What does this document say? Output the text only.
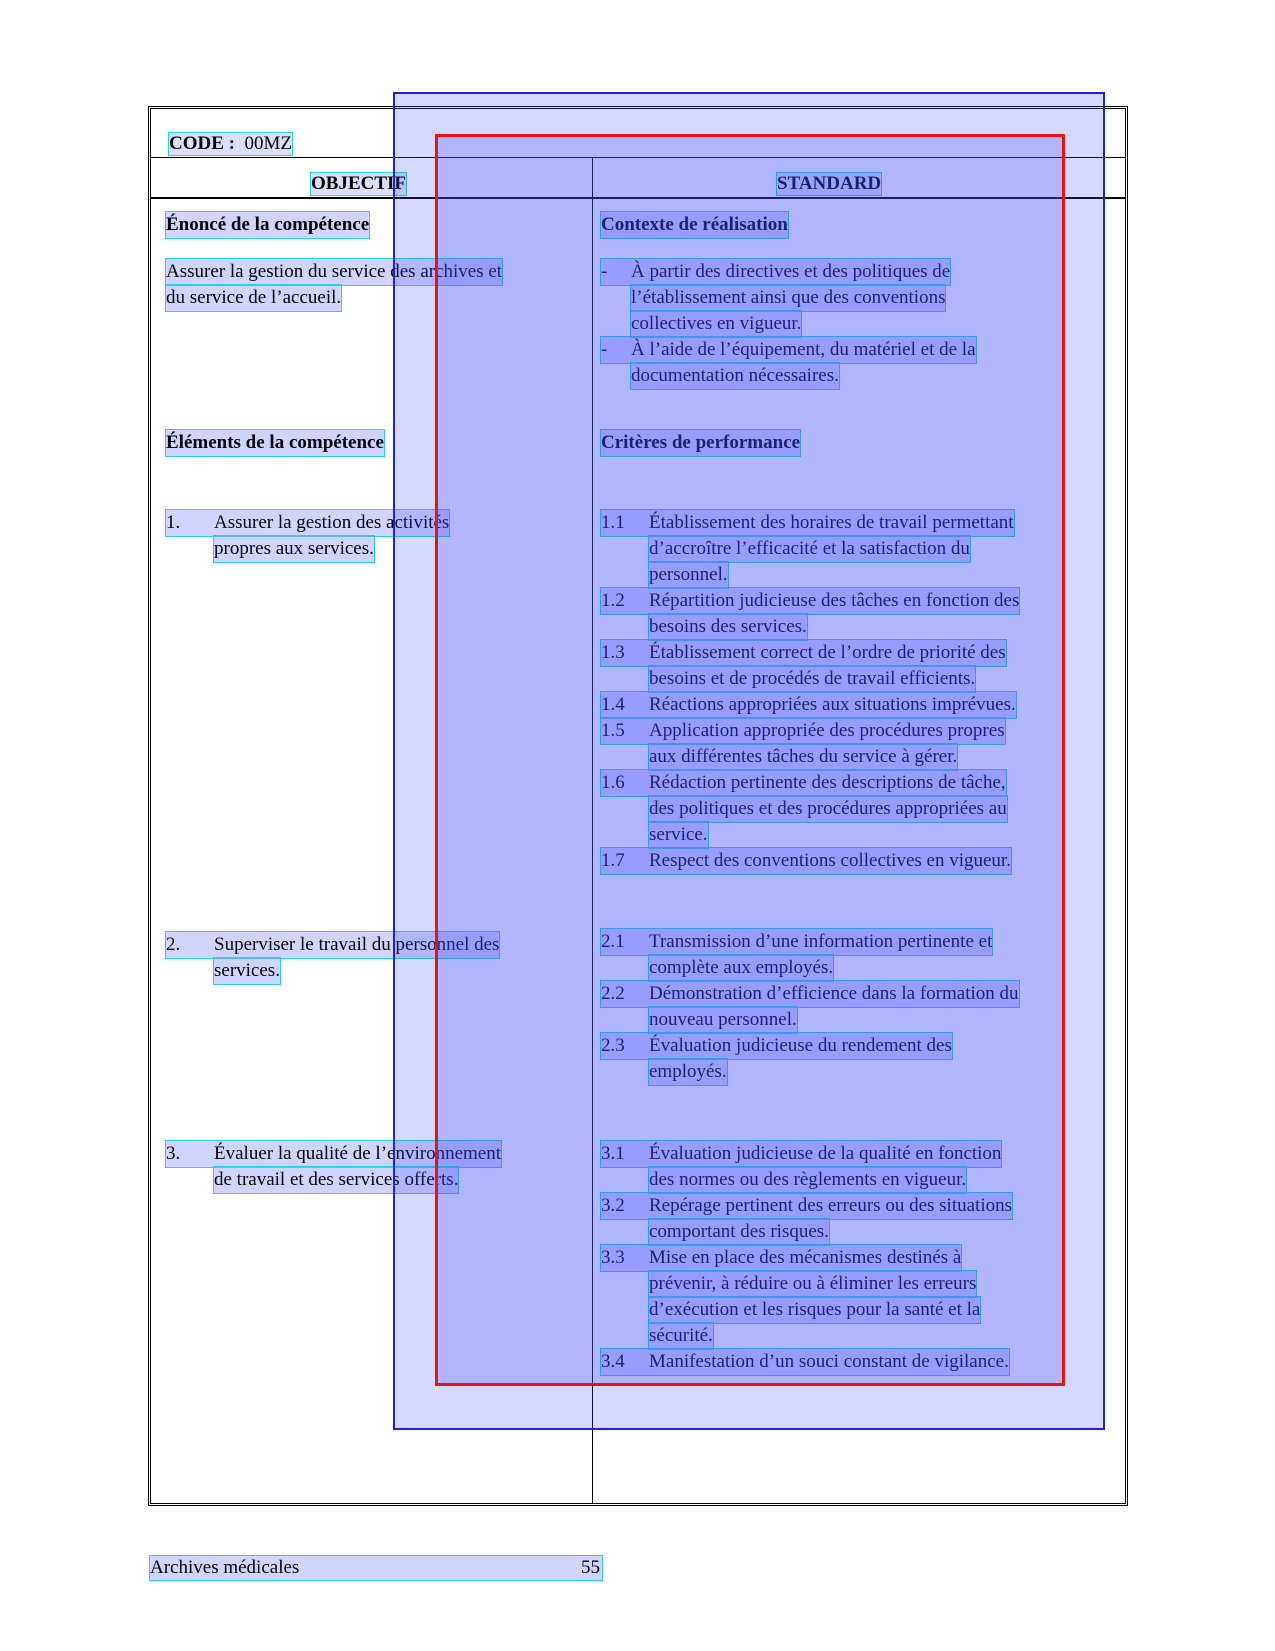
CODE : 00MZ
OBJECTIF	STANDARD
Énoncé de la compétence
Assurer la gestion du service des archives et
du service de l’accueil.
Éléments de la compétence
1. Assurer la gestion des activités
propres aux services.
2. Superviser le travail du personnel des
services.
3. Évaluer la qualité de l’environnement
de travail et des services offerts.
Contexte de réalisation
- À partir des directives et des politiques de
l’établissement ainsi que des conventions
collectives en vigueur.
- À l’aide de l’équipement, du matériel et de la
documentation nécessaires.
Critères de performance
1.1 Établissement des horaires de travail permettant
d’accroître l’efficacité et la satisfaction du
personnel.
1.2 Répartition judicieuse des tâches en fonction des
besoins des services.
1.3 Établissement correct de l’ordre de priorité des
besoins et de procédés de travail efficients.
1.4 Réactions appropriées aux situations imprévues.
1.5 Application appropriée des procédures propres
aux différentes tâches du service à gérer.
1.6 Rédaction pertinente des descriptions de tâche,
des politiques et des procédures appropriées au
service.
1.7 Respect des conventions collectives en vigueur.
2.1 Transmission d’une information pertinente et
complète aux employés.
2.2 Démonstration d’efficience dans la formation du
nouveau personnel.
2.3 Évaluation judicieuse du rendement des
employés.
3.1 Évaluation judicieuse de la qualité en fonction
des normes ou des règlements en vigueur.
3.2 Repérage pertinent des erreurs ou des situations
comportant des risques.
3.3 Mise en place des mécanismes destinés à
prévenir, à réduire ou à éliminer les erreurs
d’exécution et les risques pour la santé et la
sécurité.
3.4 Manifestation d’un souci constant de vigilance.
Archives médicales	55
